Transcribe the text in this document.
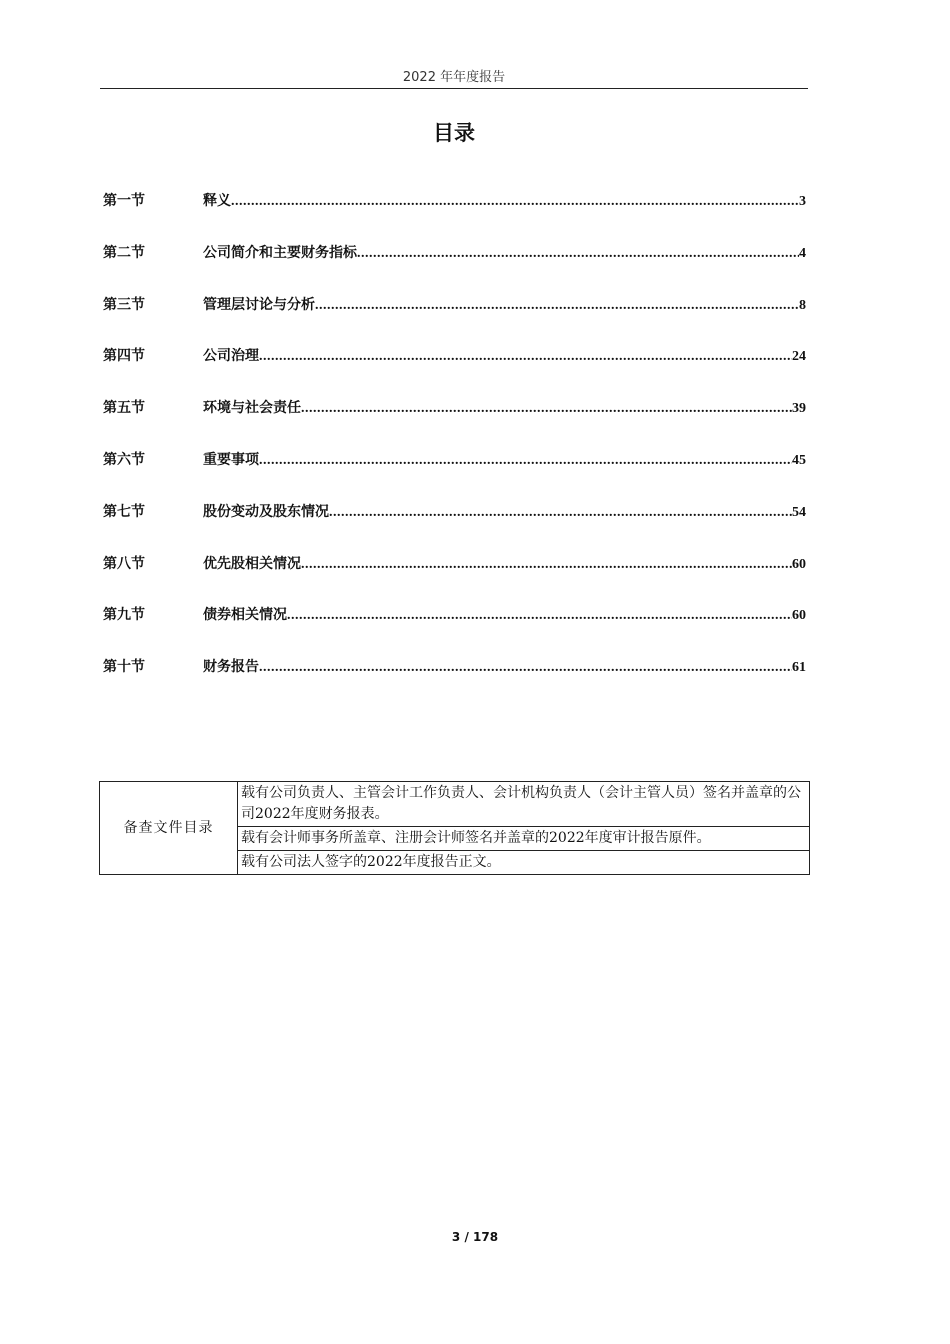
2022 年年度报告
目录
第一节	释义 .....	3
第二节	公司简介和主要财务指标 .....	4
第三节	管理层讨论与分析 .....	8
第四节	公司治理 .....	24
第五节	环境与社会责任 .....	39
第六节	重要事项 .....	45
第七节	股份变动及股东情况 .....	54
第八节	优先股相关情况 .....	60
第九节	债券相关情况 .....	60
第十节	财务报告 .....	61
备查文件目录	载有公司负责人、主管会计工作负责人、会计机构负责人（会计主管人员）签名并盖章的公司2022年度财务报表。
载有会计师事务所盖章、注册会计师签名并盖章的2022年度审计报告原件。
载有公司法人签字的2022年度报告正文。
3 / 178
